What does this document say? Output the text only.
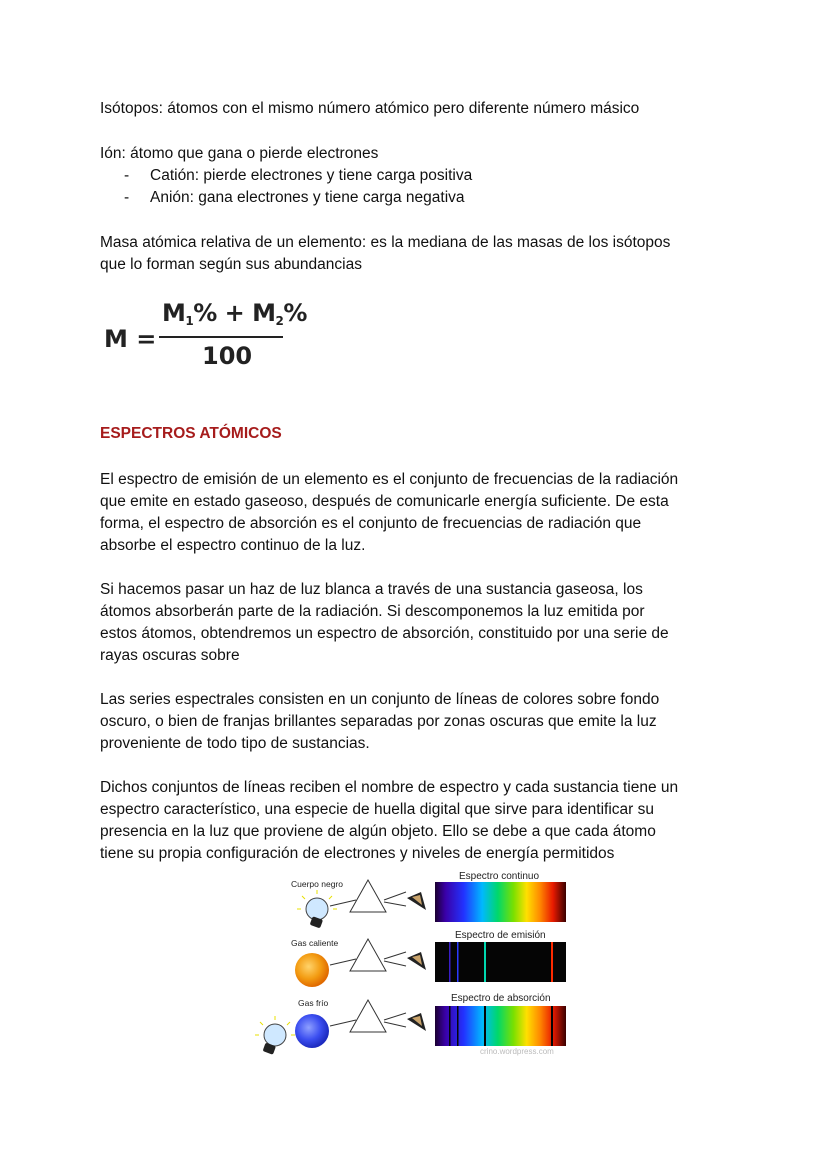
Isótopos: átomos con el mismo número atómico pero diferente número másico

Ión: átomo que gana o pierde electrones

- Catión: pierde electrones y tiene carga positiva
- Anión: gana electrones y tiene carga negativa

Masa atómica relativa de un elemento: es la mediana de las masas de los isótopos

que lo forman según sus abundancias

M =
$M_1\% + M_2\%$
100
ESPECTROS ATÓMICOS

El espectro de emisión de un elemento es el conjunto de frecuencias de la radiación

que emite en estado gaseoso, después de comunicarle energía suficiente. De esta

forma, el espectro de absorción es el conjunto de frecuencias de radiación que

absorbe el espectro continuo de la luz.

Si hacemos pasar un haz de luz blanca a través de una sustancia gaseosa, los

átomos absorberán parte de la radiación. Si descomponemos la luz emitida por

estos átomos, obtendremos un espectro de absorción, constituido por una serie de

rayas oscuras sobre

Las series espectrales consisten en un conjunto de líneas de colores sobre fondo

oscuro, o bien de franjas brillantes separadas por zonas oscuras que emite la luz

proveniente de todo tipo de sustancias.

Dichos conjuntos de líneas reciben el nombre de espectro y cada sustancia tiene un

espectro característico, una especie de huella digital que sirve para identificar su

presencia en la luz que proviene de algún objeto. Ello se debe a que cada átomo

tiene su propia configuración de electrones y niveles de energía permitidos

Cuerpo negro
Espectro continuo
Gas caliente
Espectro de emisión
Gas frío	Espectro de absorción
crino.wordpress.com
